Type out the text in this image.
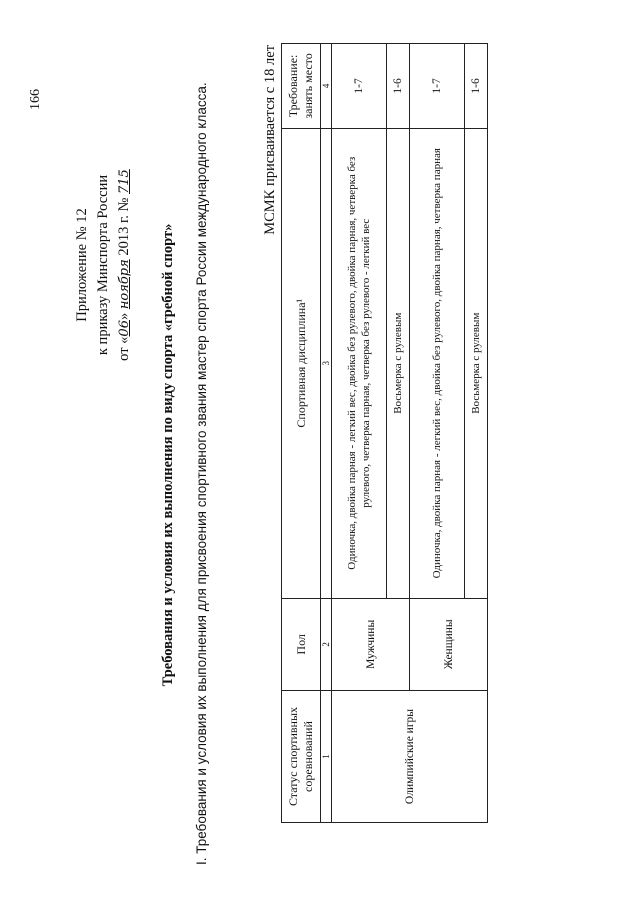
166
Приложение № 12 к приказу Минспорта России от «06» ноября 2013 г. № 715
Требования и условия их выполнения по виду спорта «гребной спорт» I. Требования и условия их выполнения для присвоения спортивного звания мастер спорта России международного класса.	МСМК присваивается с 18 лет
Статус спортивных соревнований	Пол	Спортивная дисциплина¹	Требование: занять место
1	2	3	4
Олимпийские игры	Мужчины	Одиночка, двойка парная - легкий вес, двойка без рулевого, двойка парная, четверка без рулевого, четверка парная, четверка без рулевого - легкий вес	1-7
		Восьмерка с рулевым	1-6
	Женщины	Одиночка, двойка парная - легкий вес, двойка без рулевого, двойка парная, четверка парная	1-7
		Восьмерка с рулевым	1-6
